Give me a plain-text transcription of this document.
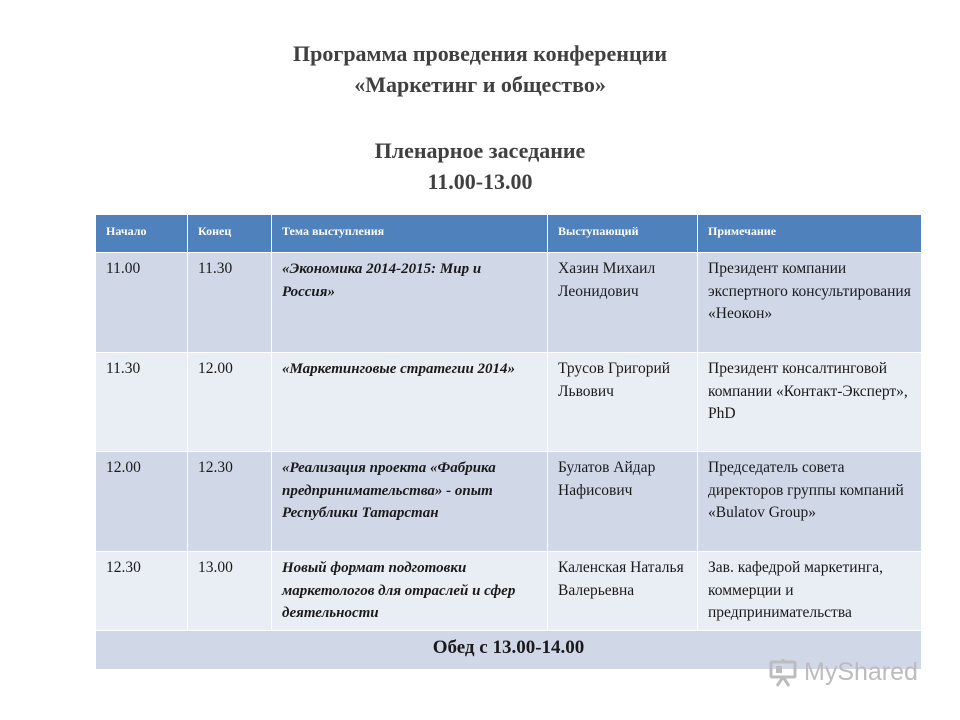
Программа проведения конференции
«Маркетинг и общество»
Пленарное заседание
11.00-13.00
Начало	Конец	Тема выступления	Выступающий	Примечание
11.00	11.30	«Экономика 2014-2015: Мир и Россия»	Хазин Михаил Леонидович	Президент компании экспертного консультирования «Неокон»
11.30	12.00	«Маркетинговые стратегии 2014»	Трусов Григорий Львович	Президент консалтинговой компании «Контакт-Эксперт», PhD
12.00	12.30	«Реализация проекта «Фабрика предпринимательства» - опыт Республики Татарстан	Булатов Айдар Нафисович	Председатель совета директоров группы компаний «Bulatov Group»
12.30	13.00	Новый формат подготовки маркетологов для отраслей и сфер деятельности	Каленская Наталья Валерьевна	Зав. кафедрой маркетинга, коммерции и предпринимательства
Обед с 13.00-14.00				
MyShared
